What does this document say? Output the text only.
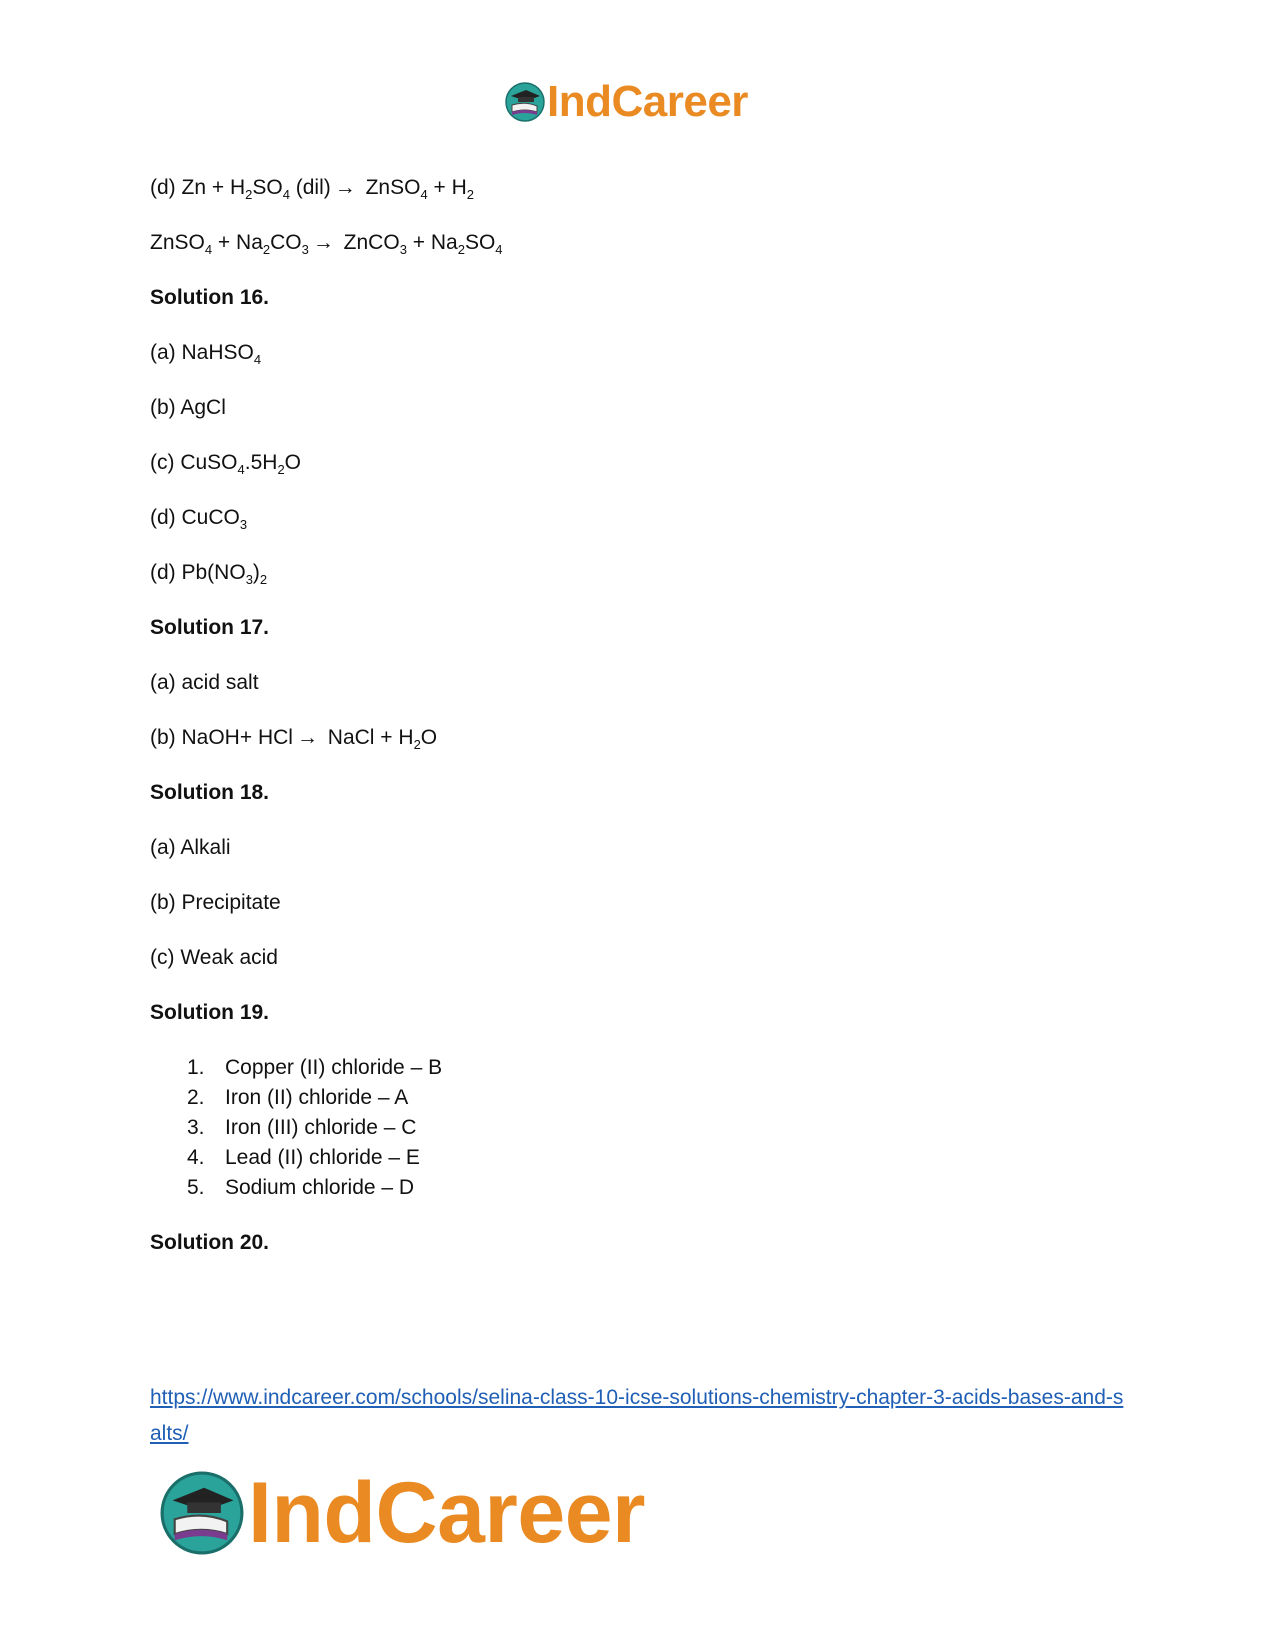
IndCareer
(d) $Zn + H_2SO_4$ (dil) → ZnSO$_4$ + $H_2$
ZnSO$_4$ + $Na_2CO_3$ → ZnCO$_3$ + $Na_2SO_4$
Solution 16.
(a) NaHSO$_4$
(b) AgCl
(c) $CuSO_4.5H_2O$
(d) CuCO$_3$
(d) $Pb(NO_3)_2$
Solution 17.
(a) acid salt
(b) NaOH+ HCl → NaCl + $H_2O$
Solution 18.
(a) Alkali
(b) Precipitate
(c) Weak acid
Solution 19.
1. Copper (II) chloride – B
2. Iron (II) chloride – A
3. Iron (III) chloride – C
4. Lead (II) chloride – E
5. Sodium chloride – D
Solution 20.
https://www.indcareer.com/schools/selina-class-10-icse-solutions-chemistry-chapter-3-acids-bases-and-salts/
IndCareer
